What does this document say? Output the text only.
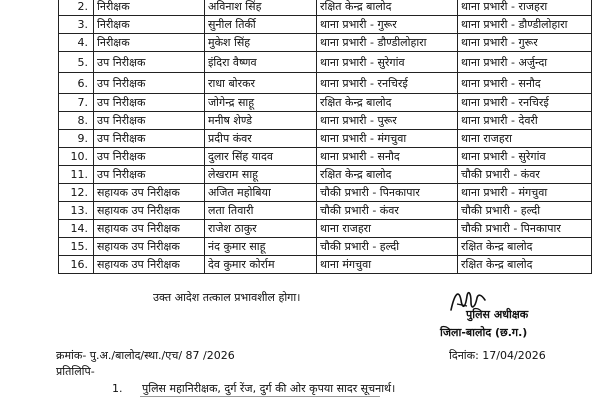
2.	निरीक्षक	अविनाश सिंह	रक्षित केन्द्र बालोद	थाना प्रभारी - राजहरा
3.	निरीक्षक	सुनील तिर्की	थाना प्रभारी - गुरूर	थाना प्रभारी - डौण्डीलोहारा
4.	निरीक्षक	मुकेश सिंह	थाना प्रभारी - डौण्डीलोहारा	थाना प्रभारी - गुरूर
5.	उप निरीक्षक	इंदिरा वैष्णव	थाना प्रभारी - सुरेगांव	थाना प्रभारी - अर्जुन्दा
6.	उप निरीक्षक	राधा बोरकर	थाना प्रभारी - रनचिरई	थाना प्रभारी - सनौद
7.	उप निरीक्षक	जोगेन्द्र साहू	रक्षित केन्द्र बालोद	थाना प्रभारी - रनचिरई
8.	उप निरीक्षक	मनीष शेण्डे	थाना प्रभारी - पुरूर	थाना प्रभारी - देवरी
9.	उप निरीक्षक	प्रदीप कंवर	थाना प्रभारी - मंगचुवा	थाना राजहरा
10.	उप निरीक्षक	दुलार सिंह यादव	थाना प्रभारी - सनौद	थाना प्रभारी - सुरेगांव
11.	उप निरीक्षक	लेखराम साहू	रक्षित केन्द्र बालोद	चौकी प्रभारी - कंवर
12.	सहायक उप निरीक्षक	अजित महोबिया	चौकी प्रभारी - पिनकापार	थाना प्रभारी - मंगचुवा
13.	सहायक उप निरीक्षक	लता तिवारी	चौकी प्रभारी - कंवर	चौकी प्रभारी - हल्दी
14.	सहायक उप निरीक्षक	राजेश ठाकुर	थाना राजहरा	चौकी प्रभारी - पिनकापार
15.	सहायक उप निरीक्षक	नंद कुमार साहू	चौकी प्रभारी - हल्दी	रक्षित केन्द्र बालोद
16.	सहायक उप निरीक्षक	देव कुमार कोर्राम	थाना मंगचुवा	रक्षित केन्द्र बालोद
उक्त आदेश तत्काल प्रभावशील होगा।
पुलिस अधीक्षक
जिला-बालोद (छ.ग.)
क्रमांक- पु.अ./बालोद/स्था./एच/ 87 /2026	दिनांक: 17/04/2026
प्रतिलिपि-
1. पुलिस महानिरीक्षक, दुर्ग रेंज, दुर्ग की ओर कृपया सादर सूचनार्थ।
